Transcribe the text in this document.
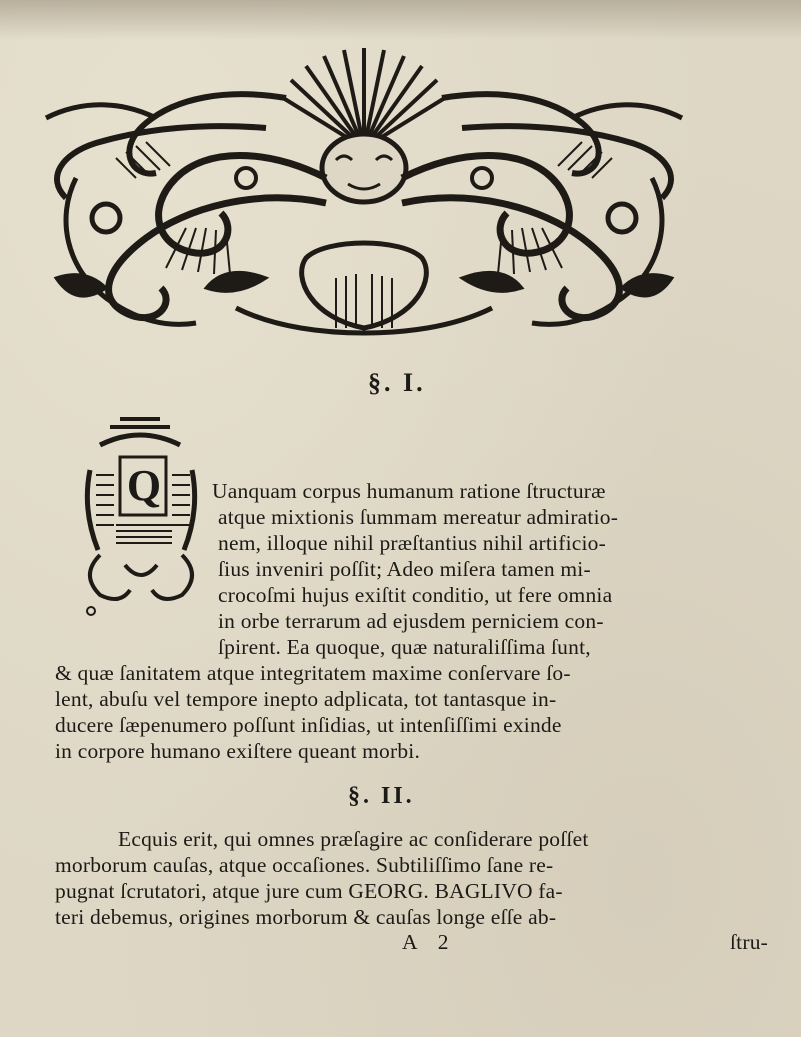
§. I.
Q Uanquam corpus humanum ratione ſtructuræ
atque mixtionis ſummam mereatur admiratio-
nem, illoque nihil præſtantius nihil artificio-
ſius inveniri poſſit; Adeo miſera tamen mi-
crocoſmi hujus exiſtit conditio, ut fere omnia
in orbe terrarum ad ejusdem perniciem con-
ſpirent. Ea quoque, quæ naturaliſſima ſunt,
& quæ ſanitatem atque integritatem maxime conſervare ſo-
lent, abuſu vel tempore inepto adplicata, tot tantasque in-
ducere ſæpenumero poſſunt inſidias, ut intenſiſſimi exinde
in corpore humano exiſtere queant morbi.
§. II.
Ecquis erit, qui omnes præſagire ac conſiderare poſſet
morborum cauſas, atque occaſiones. Subtiliſſimo ſane re-
pugnat ſcrutatori, atque jure cum GEORG. BAGLIVO fa-
teri debemus, origines morborum & cauſas longe eſſe ab-
A 2	ſtru-
